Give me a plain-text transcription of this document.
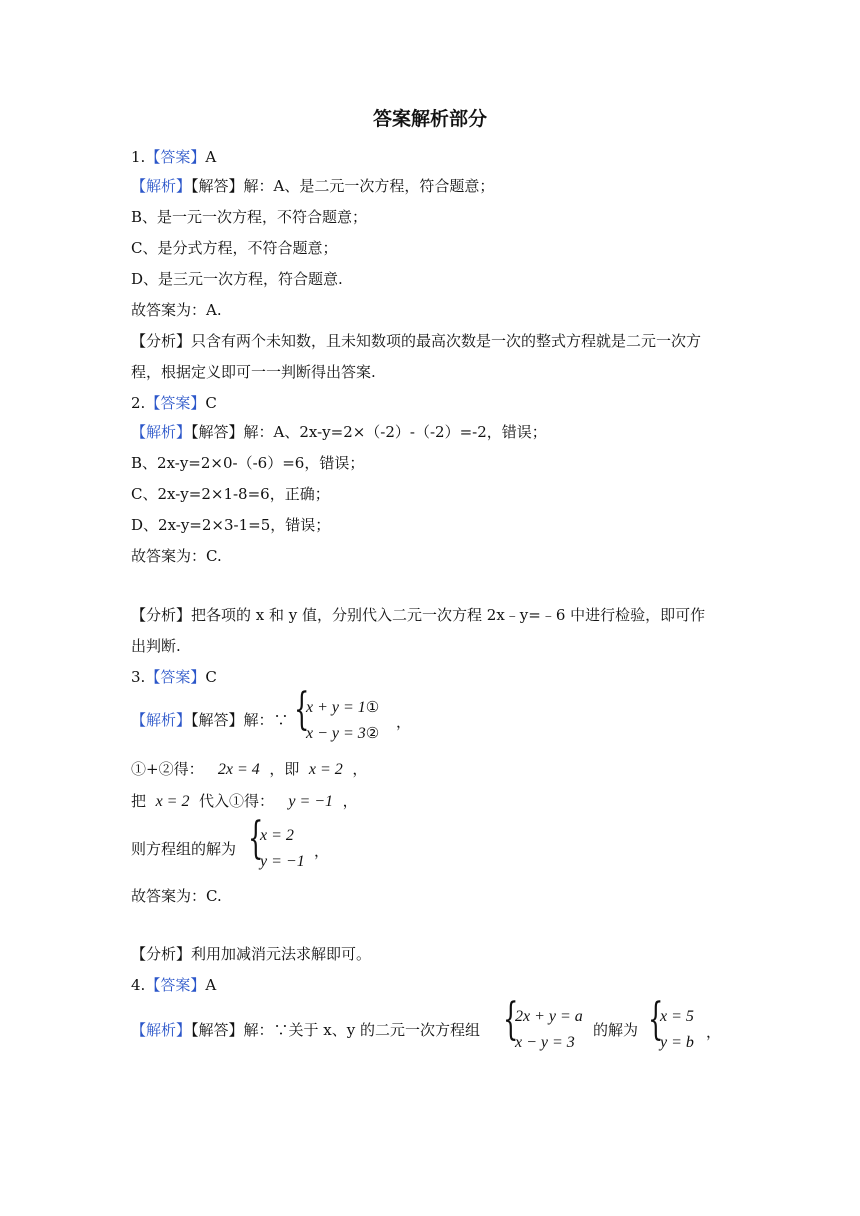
答案解析部分
1.【答案】A
【解析】【解答】解：A、是二元一次方程，符合题意；
B、是一元一次方程，不符合题意；
C、是分式方程，不符合题意；
D、是三元一次方程，符合题意.
故答案为：A.
【分析】只含有两个未知数，且未知数项的最高次数是一次的整式方程就是二元一次方
程，根据定义即可一一判断得出答案.
2.【答案】C
【解析】【解答】解：A、2x-y=2×（-2）-（-2）=-2，错误；
B、2x-y=2×0-（-6）=6，错误；
C、2x-y=2×1-8=6，正确；
D、2x-y=2×3-1=5，错误；
故答案为：C.
【分析】把各项的 x 和 y 值，分别代入二元一次方程 2x﹣y=﹣6 中进行检验，即可作
出判断.
3.【答案】C
【解析】【解答】解：∵ {
x + y = 1①
x − y = 3②
，
①+②得： 2x = 4 ，即 x = 2 ，
把 x = 2 代入①得： y = −1 ，
则方程组的解为 {
x = 2
y = −1
，
故答案为：C.
【分析】利用加减消元法求解即可。
4.【答案】A
【解析】【解答】解：∵关于 x、y 的二元一次方程组 {
2x + y = a
x − y = 3
的解为 {
x = 5
y = b
，
